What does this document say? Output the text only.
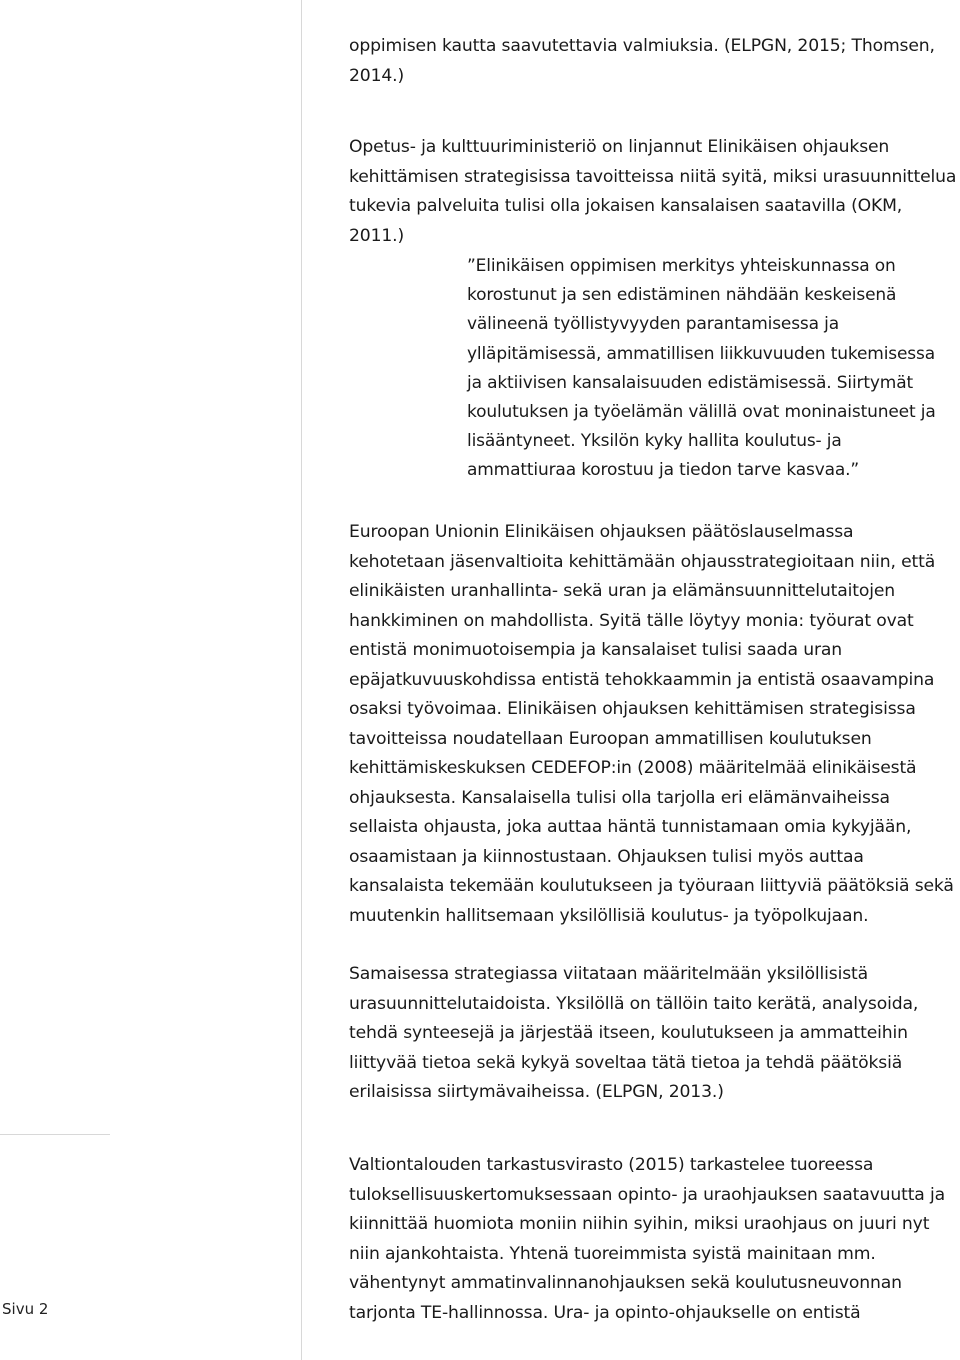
oppimisen kautta saavutettavia valmiuksia. (ELPGN, 2015; Thomsen,
2014.)
Opetus- ja kulttuuriministeriö on linjannut Elinikäisen ohjauksen
kehittämisen strategisissa tavoitteissa niitä syitä, miksi urasuunnittelua
tukevia palveluita tulisi olla jokaisen kansalaisen saatavilla (OKM,
2011.)
”Elinikäisen oppimisen merkitys yhteiskunnassa on
korostunut ja sen edistäminen nähdään keskeisenä
välineenä työllistyvyyden parantamisessa ja
ylläpitämisessä, ammatillisen liikkuvuuden tukemisessa
ja aktiivisen kansalaisuuden edistämisessä. Siirtymät
koulutuksen ja työelämän välillä ovat moninaistuneet ja
lisääntyneet. Yksilön kyky hallita koulutus- ja
ammattiuraa korostuu ja tiedon tarve kasvaa.”
Euroopan Unionin Elinikäisen ohjauksen päätöslauselmassa
kehotetaan jäsenvaltioita kehittämään ohjausstrategioitaan niin, että
elinikäisten uranhallinta- sekä uran ja elämänsuunnittelutaitojen
hankkiminen on mahdollista. Syitä tälle löytyy monia: työurat ovat
entistä monimuotoisempia ja kansalaiset tulisi saada uran
epäjatkuvuuskohdissa entistä tehokkaammin ja entistä osaavampina
osaksi työvoimaa. Elinikäisen ohjauksen kehittämisen strategisissa
tavoitteissa noudatellaan Euroopan ammatillisen koulutuksen
kehittämiskeskuksen CEDEFOP:in (2008) määritelmää elinikäisestä
ohjauksesta. Kansalaisella tulisi olla tarjolla eri elämänvaiheissa
sellaista ohjausta, joka auttaa häntä tunnistamaan omia kykyjään,
osaamistaan ja kiinnostustaan. Ohjauksen tulisi myös auttaa
kansalaista tekemään koulutukseen ja työuraan liittyviä päätöksiä sekä
muutenkin hallitsemaan yksilöllisiä koulutus- ja työpolkujaan.
Samaisessa strategiassa viitataan määritelmään yksilöllisistä
urasuunnittelutaidoista. Yksilöllä on tällöin taito kerätä, analysoida,
tehdä synteesejä ja järjestää itseen, koulutukseen ja ammatteihin
liittyvää tietoa sekä kykyä soveltaa tätä tietoa ja tehdä päätöksiä
erilaisissa siirtymävaiheissa. (ELPGN, 2013.)
Valtiontalouden tarkastusvirasto (2015) tarkastelee tuoreessa
tuloksellisuuskertomuksessaan opinto- ja uraohjauksen saatavuutta ja
kiinnittää huomiota moniin niihin syihin, miksi uraohjaus on juuri nyt
niin ajankohtaista. Yhtenä tuoreimmista syistä mainitaan mm.
vähentynyt ammatinvalinnanohjauksen sekä koulutusneuvonnan
tarjonta TE-hallinnossa. Ura- ja opinto-ohjaukselle on entistä
Sivu 2
